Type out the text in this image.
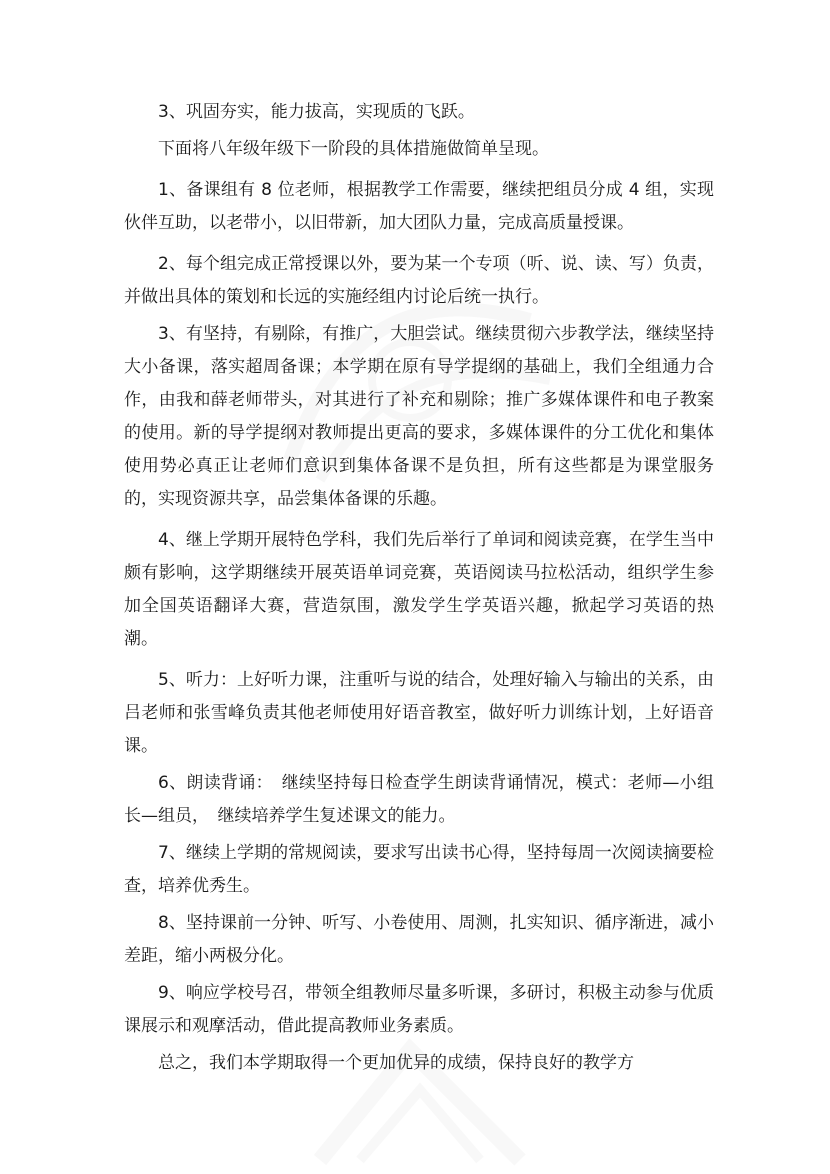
3、巩固夯实，能力拔高，实现质的飞跃。

下面将八年级年级下一阶段的具体措施做简单呈现。

1、备课组有 8 位老师，根据教学工作需要，继续把组员分成 4 组，实现伙伴互助，以老带小，以旧带新，加大团队力量，完成高质量授课。

2、每个组完成正常授课以外，要为某一个专项（听、说、读、写）负责，并做出具体的策划和长远的实施经组内讨论后统一执行。

3、有坚持，有剔除，有推广，大胆尝试。继续贯彻六步教学法，继续坚持大小备课，落实超周备课；本学期在原有导学提纲的基础上，我们全组通力合作，由我和薛老师带头，对其进行了补充和剔除；推广多媒体课件和电子教案的使用。新的导学提纲对教师提出更高的要求，多媒体课件的分工优化和集体使用势必真正让老师们意识到集体备课不是负担，所有这些都是为课堂服务的，实现资源共享，品尝集体备课的乐趣。

4、继上学期开展特色学科，我们先后举行了单词和阅读竞赛，在学生当中颇有影响，这学期继续开展英语单词竞赛，英语阅读马拉松活动，组织学生参加全国英语翻译大赛，营造氛围，激发学生学英语兴趣，掀起学习英语的热潮。

5、听力：上好听力课，注重听与说的结合，处理好输入与输出的关系，由吕老师和张雪峰负责其他老师使用好语音教室，做好听力训练计划，上好语音课。

6、朗读背诵：　继续坚持每日检查学生朗读背诵情况，模式：老师—小组长—组员，　继续培养学生复述课文的能力。

7、继续上学期的常规阅读，要求写出读书心得，坚持每周一次阅读摘要检查，培养优秀生。

8、坚持课前一分钟、听写、小卷使用、周测，扎实知识、循序渐进，减小差距，缩小两极分化。

9、响应学校号召，带领全组教师尽量多听课，多研讨，积极主动参与优质课展示和观摩活动，借此提高教师业务素质。

总之，我们本学期取得一个更加优异的成绩，保持良好的教学方
